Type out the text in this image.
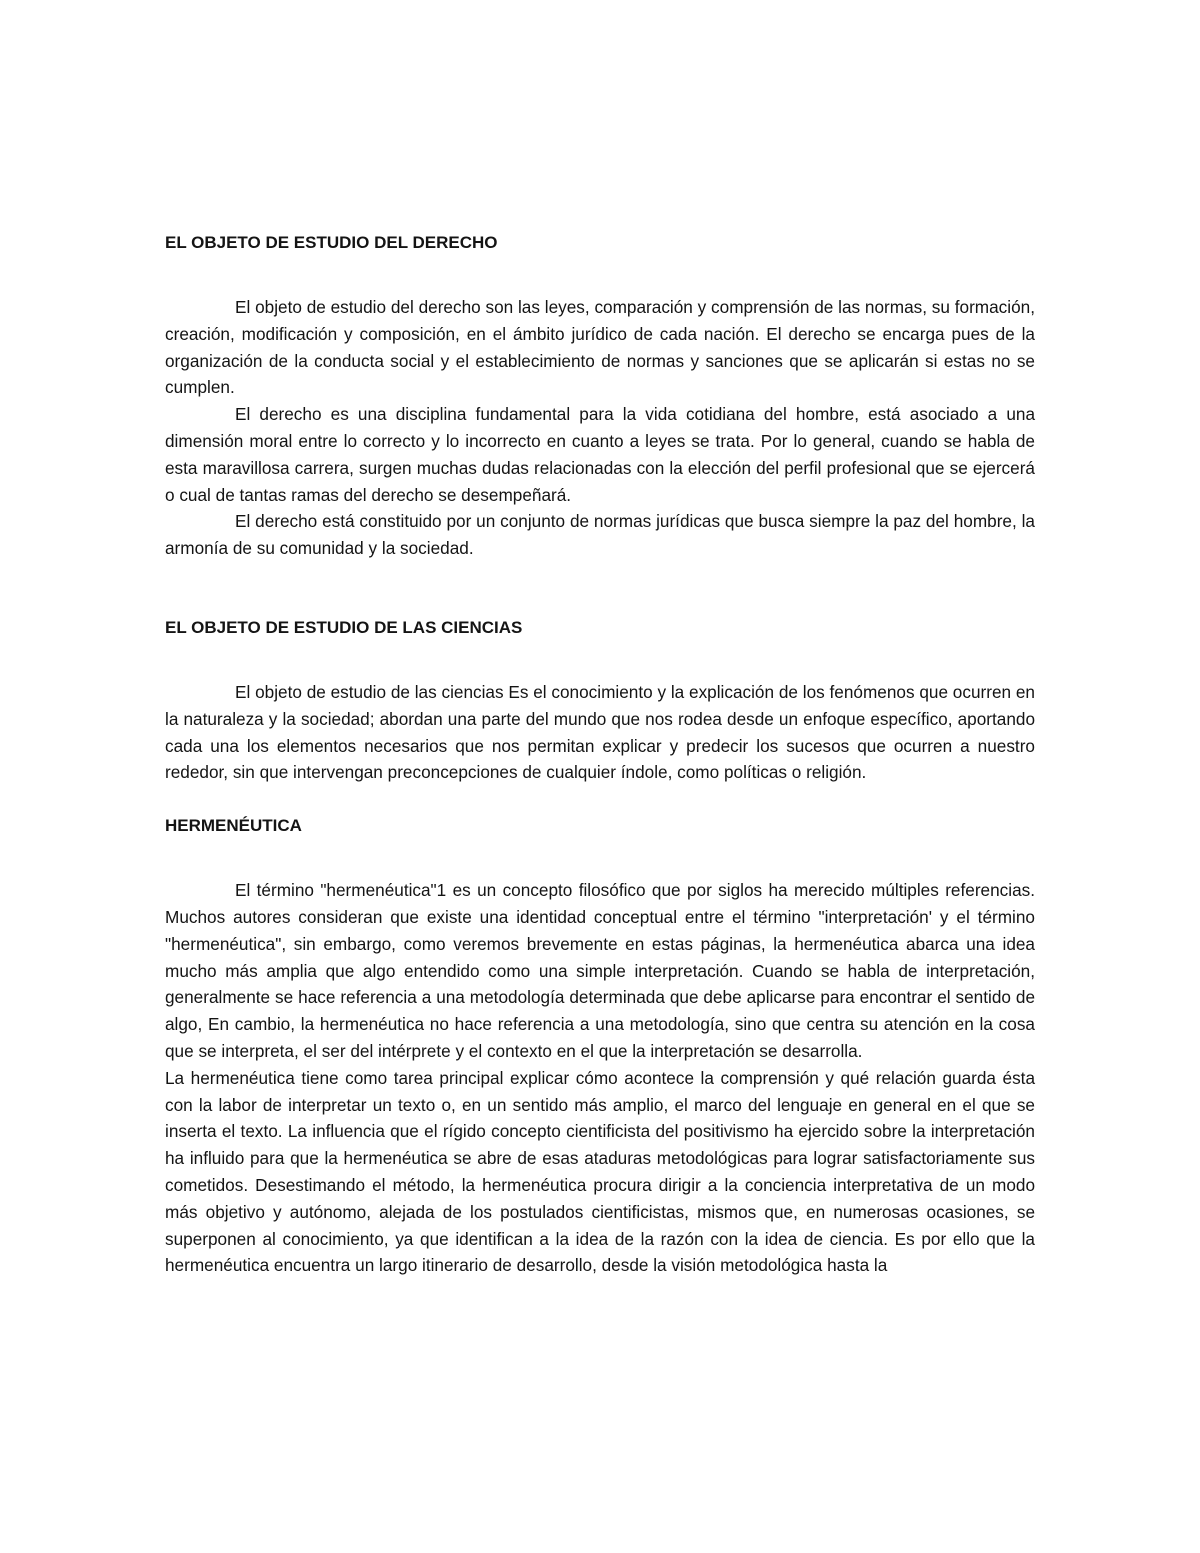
EL OBJETO DE ESTUDIO DEL DERECHO

El objeto de estudio del derecho son las leyes, comparación y comprensión de las normas, su formación, creación, modificación y composición, en el ámbito jurídico de cada nación. El derecho se encarga pues de la organización de la conducta social y el establecimiento de normas y sanciones que se aplicarán si estas no se cumplen.

El derecho es una disciplina fundamental para la vida cotidiana del hombre, está asociado a una dimensión moral entre lo correcto y lo incorrecto en cuanto a leyes se trata. Por lo general, cuando se habla de esta maravillosa carrera, surgen muchas dudas relacionadas con la elección del perfil profesional que se ejercerá o cual de tantas ramas del derecho se desempeñará.

El derecho está constituido por un conjunto de normas jurídicas que busca siempre la paz del hombre, la armonía de su comunidad y la sociedad.

EL OBJETO DE ESTUDIO DE LAS CIENCIAS

El objeto de estudio de las ciencias Es el conocimiento y la explicación de los fenómenos que ocurren en la naturaleza y la sociedad; abordan una parte del mundo que nos rodea desde un enfoque específico, aportando cada una los elementos necesarios que nos permitan explicar y predecir los sucesos que ocurren a nuestro rededor, sin que intervengan preconcepciones de cualquier índole, como políticas o religión.

HERMENÉUTICA

El término "hermenéutica"1 es un concepto filosófico que por siglos ha merecido múltiples referencias. Muchos autores consideran que existe una identidad conceptual entre el término "interpretación' y el término "hermenéutica", sin embargo, como veremos brevemente en estas páginas, la hermenéutica abarca una idea mucho más amplia que algo entendido como una simple interpretación. Cuando se habla de interpretación, generalmente se hace referencia a una metodología determinada que debe aplicarse para encontrar el sentido de algo, En cambio, la hermenéutica no hace referencia a una metodología, sino que centra su atención en la cosa que se interpreta, el ser del intérprete y el contexto en el que la interpretación se desarrolla.

La hermenéutica tiene como tarea principal explicar cómo acontece la comprensión y qué relación guarda ésta con la labor de interpretar un texto o, en un sentido más amplio, el marco del lenguaje en general en el que se inserta el texto. La influencia que el rígido concepto cientificista del positivismo ha ejercido sobre la interpretación ha influido para que la hermenéutica se abre de esas ataduras metodológicas para lograr satisfactoriamente sus cometidos. Desestimando el método, la hermenéutica procura dirigir a la conciencia interpretativa de un modo más objetivo y autónomo, alejada de los postulados cientificistas, mismos que, en numerosas ocasiones, se superponen al conocimiento, ya que identifican a la idea de la razón con la idea de ciencia. Es por ello que la hermenéutica encuentra un largo itinerario de desarrollo, desde la visión metodológica hasta la
